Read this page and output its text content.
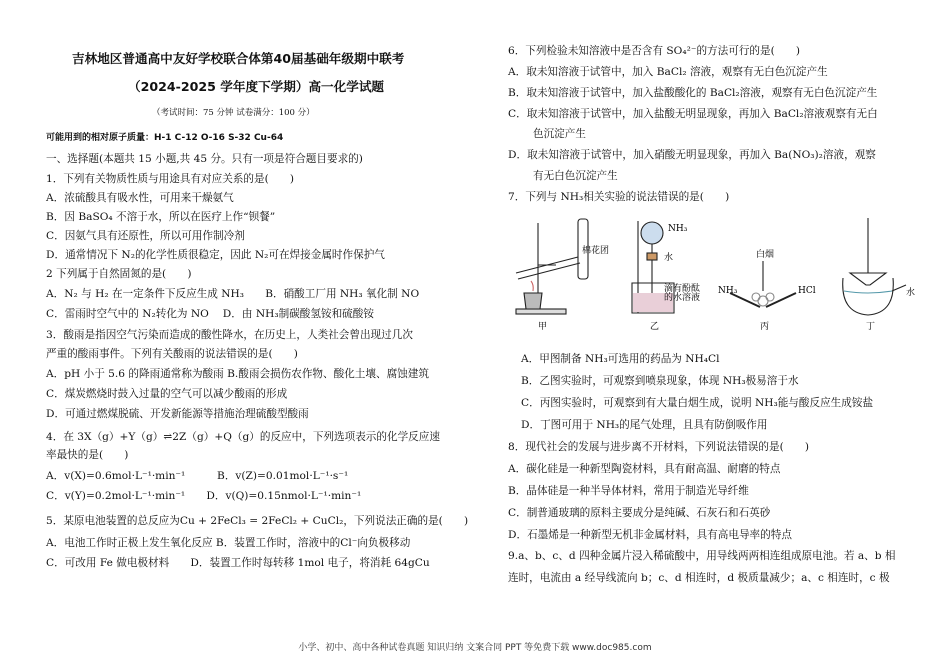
吉林地区普通高中友好学校联合体第40届基础年级期中联考
（2024-2025 学年度下学期）高一化学试题
（考试时间：75 分钟 试卷满分：100 分）
可能用到的相对原子质量：H-1 C-12 O-16 S-32 Cu-64
一、选择题(本题共 15 小题,共 45 分。只有一项是符合题目要求的)
1．下列有关物质性质与用途具有对应关系的是(　　)
A．浓硫酸具有吸水性，可用来干燥氨气
B．因 BaSO₄ 不溶于水，所以在医疗上作“钡餐”
C．因氨气具有还原性，所以可用作制冷剂
D．通常情况下 N₂的化学性质很稳定，因此 N₂可在焊接金属时作保护气
2 下列属于自然固氮的是(　　)
A．N₂ 与 H₂ 在一定条件下反应生成 NH₃　　B．硝酸工厂用 NH₃ 氧化制 NO
C．雷雨时空气中的 N₂转化为 NO　 D．由 NH₃制碳酸氢铵和硫酸铵
3．酸雨是指因空气污染而造成的酸性降水，在历史上，人类社会曾出现过几次
严重的酸雨事件。下列有关酸雨的说法错误的是(　　)
A．pH 小于 5.6 的降雨通常称为酸雨 B.酸雨会损伤农作物、酸化土壤、腐蚀建筑
C．煤炭燃烧时鼓入过量的空气可以减少酸雨的形成
D．可通过燃煤脱硫、开发新能源等措施治理硫酸型酸雨
4．在 3X（g）+Y（g）⇌2Z（g）+Q（g）的反应中，下列选项表示的化学反应速
率最快的是(　　)
A．v(X)=0.6mol·L⁻¹·min⁻¹　　　B．v(Z)=0.01mol·L⁻¹·s⁻¹
C．v(Y)=0.2mol·L⁻¹·min⁻¹　　D．v(Q)=0.15nmol·L⁻¹·min⁻¹
5．某原电池装置的总反应为Cu + 2FeCl₃ = 2FeCl₂ + CuCl₂，下列说法正确的是(　　)
A．电池工作时正极上发生氧化反应 B．装置工作时，溶液中的Cl⁻向负极移动
C．可改用 Fe 做电极材料　　D．装置工作时每转移 1mol 电子，将消耗 64gCu
6．下列检验未知溶液中是否含有 SO₄²⁻的方法可行的是(　　)
A．取未知溶液于试管中，加入 BaCl₂ 溶液，观察有无白色沉淀产生
B．取未知溶液于试管中，加入盐酸酸化的 BaCl₂溶液，观察有无白色沉淀产生
C．取未知溶液于试管中，加入盐酸无明显现象，再加入 BaCl₂溶液观察有无白
色沉淀产生
D．取未知溶液于试管中，加入硝酸无明显现象，再加入 Ba(NO₃)₂溶液，观察
有无白色沉淀产生
7．下列与 NH₃相关实验的说法错误的是(　　)
A．甲图制备 NH₃可选用的药品为 NH₄Cl
B．乙图实验时，可观察到喷泉现象，体现 NH₃极易溶于水
C．丙图实验时，可观察到有大量白烟生成，说明 NH₃能与酸反应生成铵盐
D．丁图可用于 NH₃的尾气处理，且具有防倒吸作用
8．现代社会的发展与进步离不开材料，下列说法错误的是(　　)
A．碳化硅是一种新型陶瓷材料，具有耐高温、耐磨的特点
B．晶体硅是一种半导体材料，常用于制造光导纤维
C．制普通玻璃的原料主要成分是纯碱、石灰石和石英砂
D．石墨烯是一种新型无机非金属材料，具有高电导率的特点
9.a、b、c、d 四种金属片浸入稀硫酸中，用导线两两相连组成原电池。若 a、b 相
连时，电流由 a 经导线流向 b；c、d 相连时，d 极质量减少；a、c 相连时，c 极
棉花团
NH₃
水
滴有酚酞
的水溶液
白烟
NH₃	HCl	水
甲	乙	丙	丁
小学、初中、高中各种试卷真题 知识归纳 文案合同 PPT 等免费下载 www.doc985.com
